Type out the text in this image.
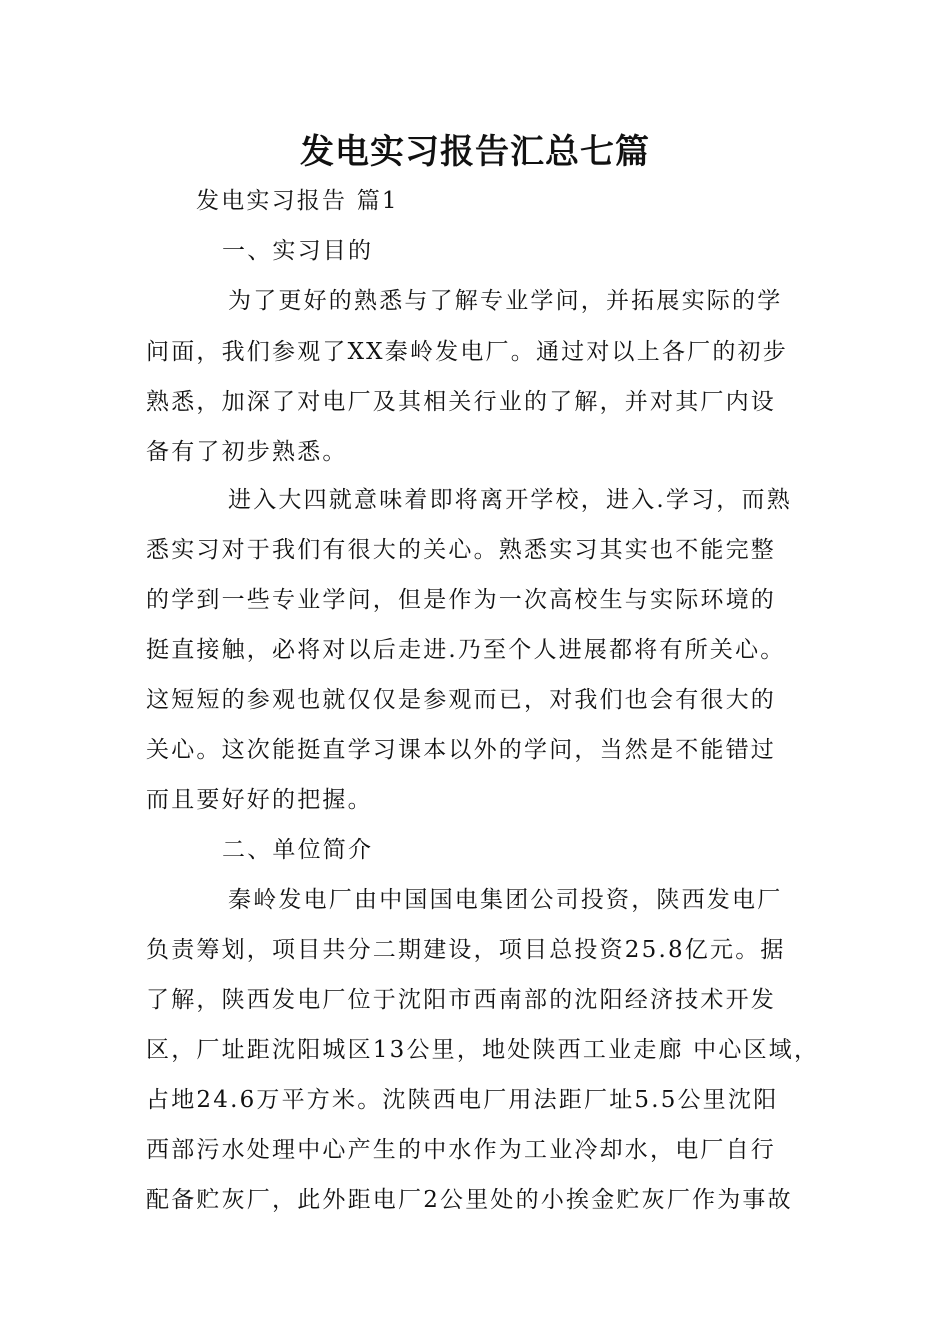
发电实习报告汇总七篇

发电实习报告 篇1

一、实习目的

为了更好的熟悉与了解专业学问，并拓展实际的学

问面，我们参观了XX秦岭发电厂。通过对以上各厂的初步

熟悉，加深了对电厂及其相关行业的了解，并对其厂内设

备有了初步熟悉。

进入大四就意味着即将离开学校，进入.学习，而熟

悉实习对于我们有很大的关心。熟悉实习其实也不能完整

的学到一些专业学问，但是作为一次高校生与实际环境的

挺直接触，必将对以后走进.乃至个人进展都将有所关心。

这短短的参观也就仅仅是参观而已，对我们也会有很大的

关心。这次能挺直学习课本以外的学问，当然是不能错过

而且要好好的把握。

二、单位简介

秦岭发电厂由中国国电集团公司投资，陕西发电厂

负责筹划，项目共分二期建设，项目总投资25.8亿元。据

了解，陕西发电厂位于沈阳市西南部的沈阳经济技术开发

区，厂址距沈阳城区13公里，地处陕西工业走廊 中心区域，

占地24.6万平方米。沈陕西电厂用法距厂址5.5公里沈阳

西部污水处理中心产生的中水作为工业冷却水，电厂自行

配备贮灰厂，此外距电厂2公里处的小挨金贮灰厂作为事故
